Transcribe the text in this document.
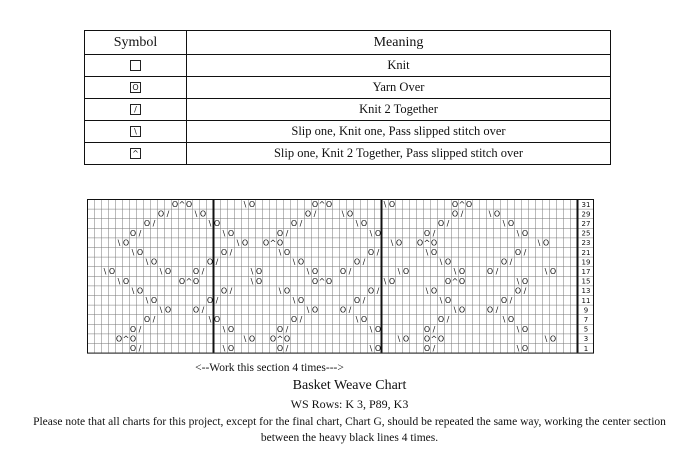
Symbol	Meaning
	Knit
O	Yarn Over
/	Knit 2 Together
\	Slip one, Knit one, Pass slipped stitch over
^	Slip one, Knit 2 Together, Pass slipped stitch over
O ^ O	\ O	O ^ O	\ O	O ^ O	31
O /	\ O	O /	\ O	O /	\ O	29
O /	\ O	O /	\ O	O /	\ O	27
O /	\ O	O /	\ O	O /	\ O	25
\ O	\ O O ^ O	\ O O ^ O	\ O	23
\ O	O /	\ O	O /	\ O	O /	21
\ O	O /	\ O	O /	\ O	O /	19
\ O	\ O	O /	\ O	\ O	O /	\ O	\ O	O /	\ O	17
\ O	O ^ O	\ O	O ^ O	\ O	O ^ O	\ O	15
\ O	O /	\ O	O /	\ O	O /	13
\ O	O /	\ O	O /	\ O	O /	11
\ O	O /	\ O	O /	\ O	O /	9
O /	\ O	O /	\ O	O /	\ O	7
O /	\ O	O /	\ O	O /	\ O	5
O ^ O	\ O O ^ O	\ O O ^ O	\ O	3
O /	\ O	O /	\ O	O /	\ O	1
<--Work this section 4 times--->
Basket Weave Chart
WS Rows: K 3, P89, K3
Please note that all charts for this project, except for the final chart, Chart G, should be repeated the same way, working the center section between the heavy black lines 4 times.
